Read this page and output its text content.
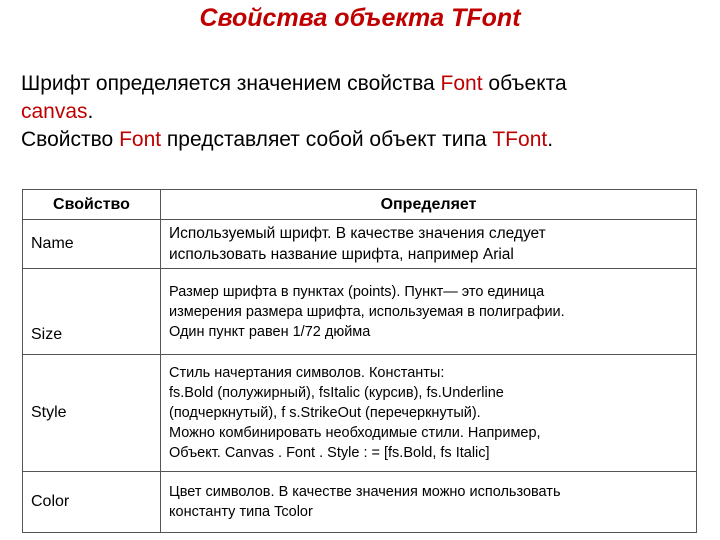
Свойства объекта TFont
Шрифт определяется значением свойства Font объекта
canvas.
Свойство Font представляет собой объект типа TFont.
Свойство	Определяет
Name	Используемый шрифт. В качестве значения следует
использовать название шрифта, например Arial

Size	Размер шрифта в пунктах (points). Пункт— это единица
измерения размера шрифта, используемая в полиграфии.
Один пункт равен 1/72 дюйма

Style	Стиль начертания символов. Константы:
fs.Bold (полужирный), fsItalic (курсив), fs.Underline
(подчеркнутый), f s.StrikeOut (перечеркнутый).
Можно комбинировать необходимые стили. Например,
Объект. Canvas . Font . Style : = [fs.Bold, fs Italic]

Color	Цвет символов. В качестве значения можно использовать
константу типа Tcolor
